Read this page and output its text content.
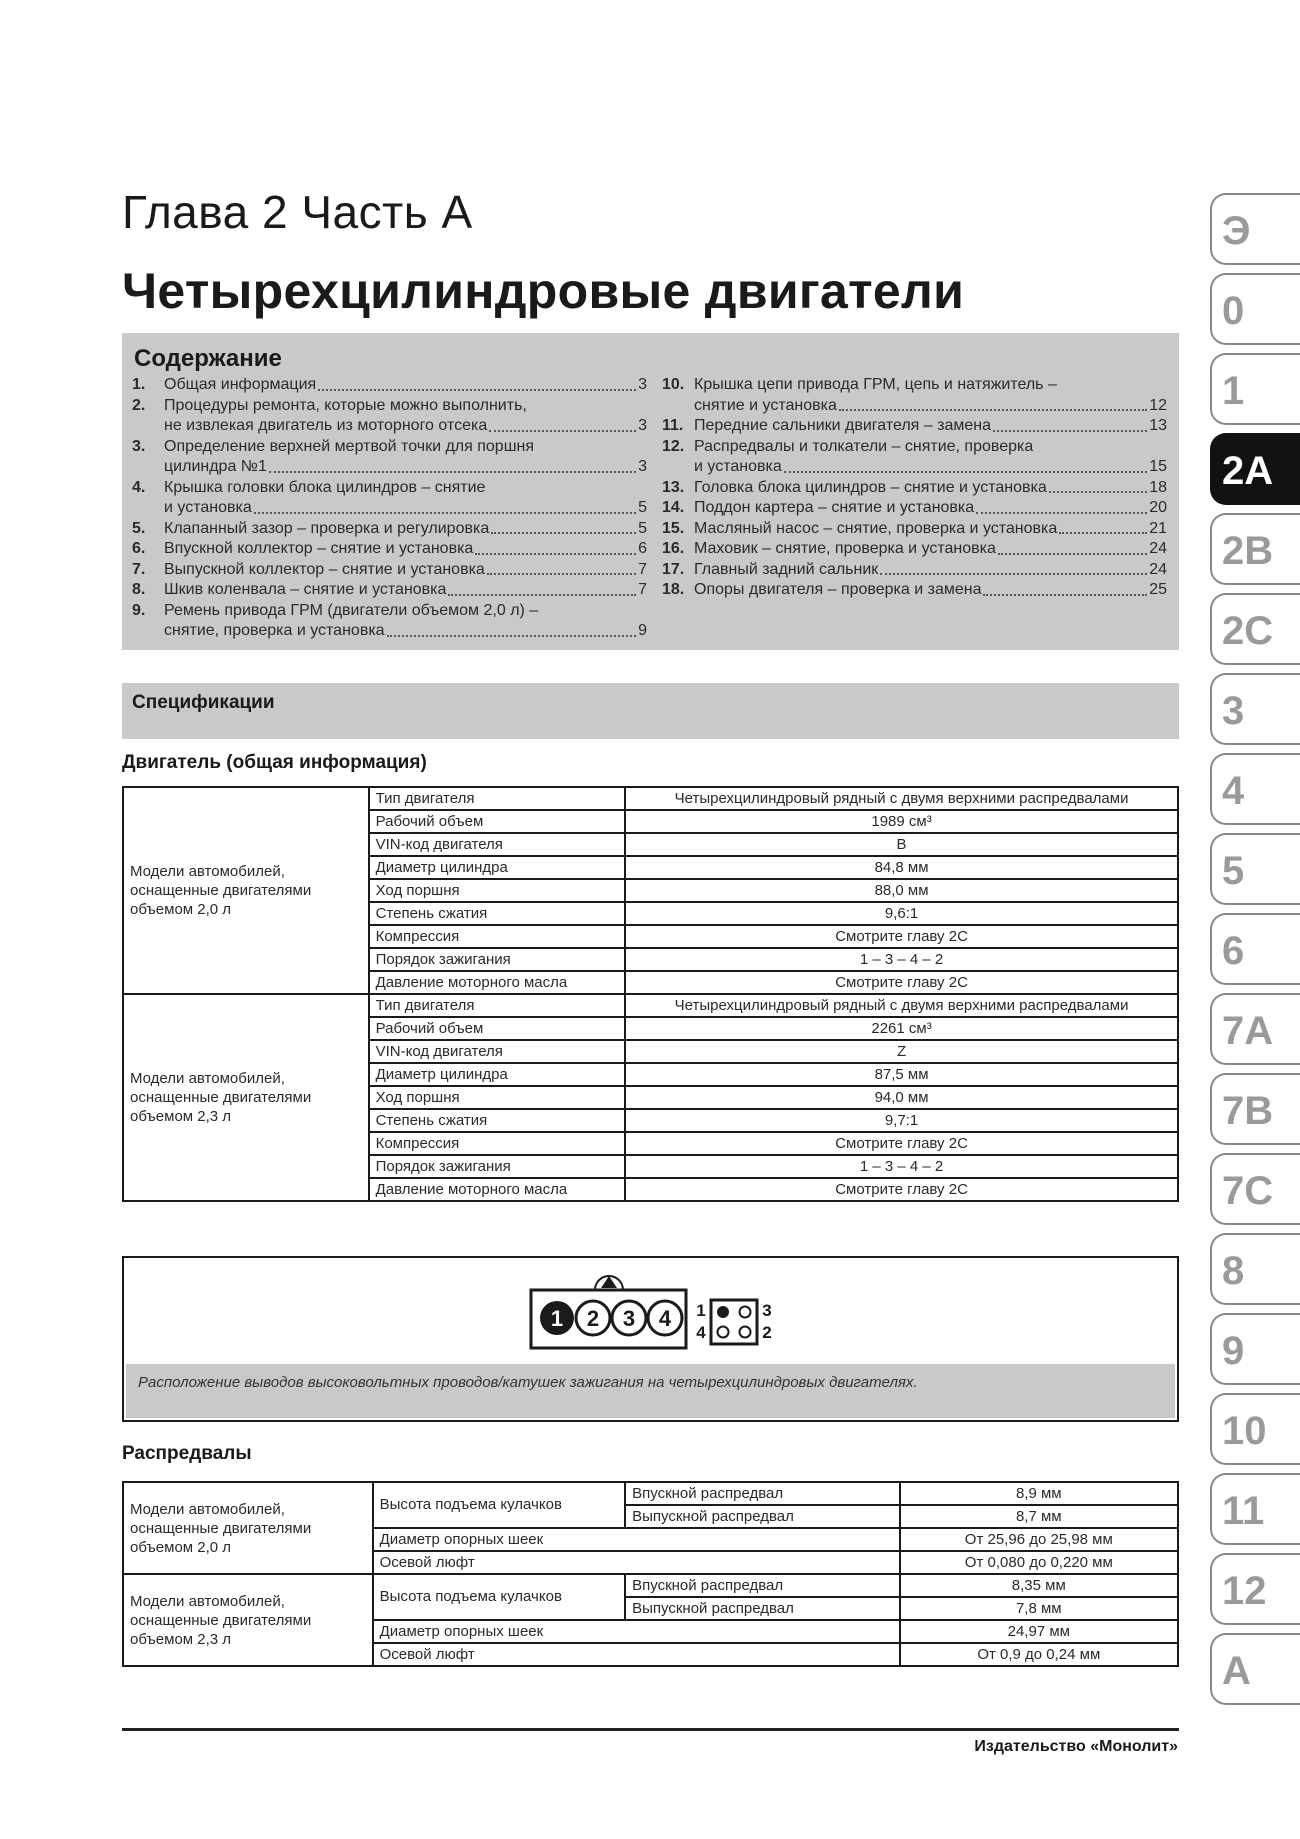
Глава 2 Часть А
Четырехцилиндровые двигатели
Содержание
1. Общая информация	3
2. Процедуры ремонта, которые можно выполнить,
не извлекая двигатель из моторного отсека	3
3. Определение верхней мертвой точки для поршня
цилиндра №1	3
4. Крышка головки блока цилиндров – снятие
и установка	5
5. Клапанный зазор – проверка и регулировка	5
6. Впускной коллектор – снятие и установка	6
7. Выпускной коллектор – снятие и установка	7
8. Шкив коленвала – снятие и установка	7
9. Ремень привода ГРМ (двигатели объемом 2,0 л) –
снятие, проверка и установка	9
10. Крышка цепи привода ГРМ, цепь и натяжитель –
снятие и установка	12
11. Передние сальники двигателя – замена	13
12. Распредвалы и толкатели – снятие, проверка
и установка	15
13. Головка блока цилиндров – снятие и установка	18
14. Поддон картера – снятие и установка	20
15. Масляный насос – снятие, проверка и установка	21
16. Маховик – снятие, проверка и установка	24
17. Главный задний сальник	24
18. Опоры двигателя – проверка и замена	25
Спецификации
Двигатель (общая информация)
Модели автомобилей, оснащенные двигателями объемом 2,0 л	Тип двигателя	Четырехцилиндровый рядный с двумя верхними распредвалами
	Рабочий объем	1989 см³
	VIN-код двигателя	B
	Диаметр цилиндра	84,8 мм
	Ход поршня	88,0 мм
	Степень сжатия	9,6:1
	Компрессия	Смотрите главу 2С
	Порядок зажигания	1 – 3 – 4 – 2
	Давление моторного масла	Смотрите главу 2С
Модели автомобилей, оснащенные двигателями объемом 2,3 л	Тип двигателя	Четырехцилиндровый рядный с двумя верхними распредвалами
	Рабочий объем	2261 см³
	VIN-код двигателя	Z
	Диаметр цилиндра	87,5 мм
	Ход поршня	94,0 мм
	Степень сжатия	9,7:1
	Компрессия	Смотрите главу 2С
	Порядок зажигания	1 – 3 – 4 – 2
	Давление моторного масла	Смотрите главу 2С
1 2 3 4 1
4
3
2
Расположение выводов высоковольтных проводов/катушек зажигания на четырехцилиндровых двигателях.
Распредвалы
Модели автомобилей, оснащенные двигателями объемом 2,0 л	Высота подъема кулачков	Впускной распредвал	8,9 мм
		Выпускной распредвал	8,7 мм
	Диаметр опорных шеек		От 25,96 до 25,98 мм
	Осевой люфт		От 0,080 до 0,220 мм
Модели автомобилей, оснащенные двигателями объемом 2,3 л	Высота подъема кулачков	Впускной распредвал	8,35 мм
		Выпускной распредвал	7,8 мм
	Диаметр опорных шеек		24,97 мм
	Осевой люфт		От 0,9 до 0,24 мм
Э
0
1
2A
2B
2C
3
4
5
6
7A
7B
7C
8
9
10
11
12
A
Издательство «Монолит»
